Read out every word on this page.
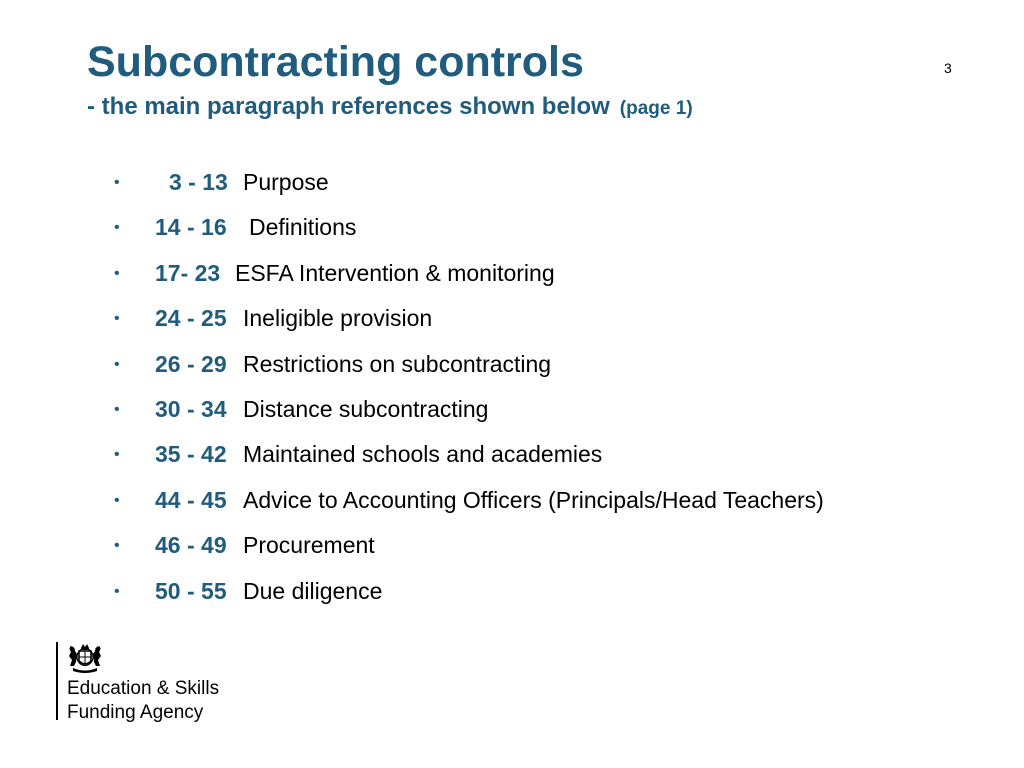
Subcontracting controls
- the main paragraph references shown below (page 1)
3
• 3 - 13 Purpose
• 14 - 16 Definitions
• 17- 23 ESFA Intervention & monitoring
• 24 - 25 Ineligible provision
• 26 - 29 Restrictions on subcontracting
• 30 - 34 Distance subcontracting
• 35 - 42 Maintained schools and academies
• 44 - 45 Advice to Accounting Officers (Principals/Head Teachers)
• 46 - 49 Procurement
• 50 - 55 Due diligence
Education & Skills
Funding Agency
